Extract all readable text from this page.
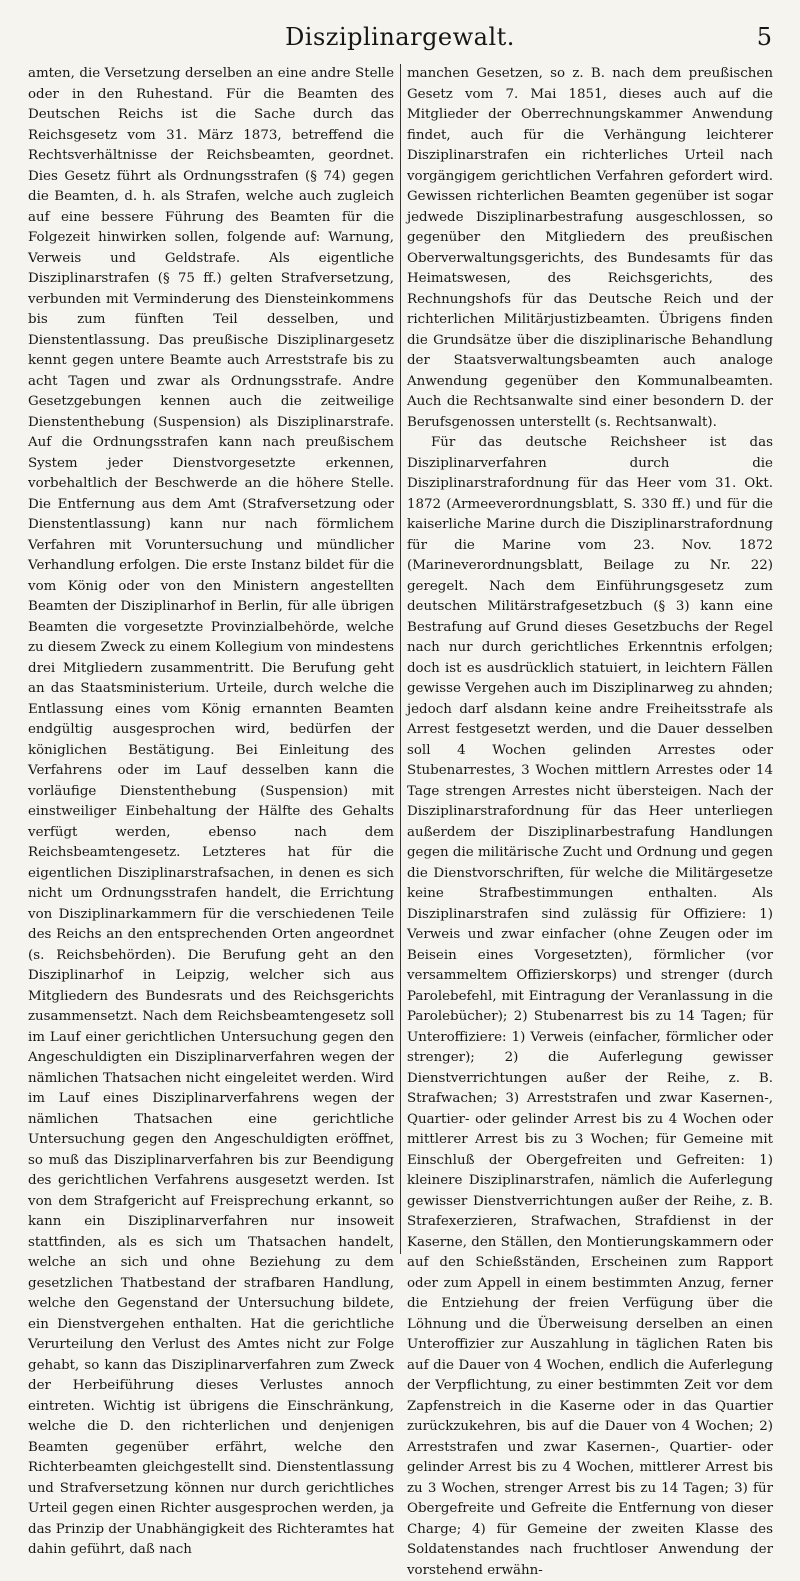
Disziplinargewalt.	5

amten, die Versetzung derselben an eine andre Stelle oder in den Ruhestand. Für die Beamten des Deutschen Reichs ist die Sache durch das Reichsgesetz vom 31. März 1873, betreffend die Rechtsverhältnisse der Reichsbeamten, geordnet. Dies Gesetz führt als Ordnungsstrafen (§ 74) gegen die Beamten, d. h. als Strafen, welche auch zugleich auf eine bessere Führung des Beamten für die Folgezeit hinwirken sollen, folgende auf: Warnung, Verweis und Geldstrafe. Als eigentliche Disziplinarstrafen (§ 75 ff.) gelten Strafversetzung, verbunden mit Verminderung des Diensteinkommens bis zum fünften Teil desselben, und Dienstentlassung. Das preußische Disziplinargesetz kennt gegen untere Beamte auch Arreststrafe bis zu acht Tagen und zwar als Ordnungsstrafe. Andre Gesetzgebungen kennen auch die zeitweilige Dienstenthebung (Suspension) als Disziplinarstrafe. Auf die Ordnungsstrafen kann nach preußischem System jeder Dienstvorgesetzte erkennen, vorbehaltlich der Beschwerde an die höhere Stelle. Die Entfernung aus dem Amt (Strafversetzung oder Dienstentlassung) kann nur nach förmlichem Verfahren mit Voruntersuchung und mündlicher Verhandlung erfolgen. Die erste Instanz bildet für die vom König oder von den Ministern angestellten Beamten der Disziplinarhof in Berlin, für alle übrigen Beamten die vorgesetzte Provinzialbehörde, welche zu diesem Zweck zu einem Kollegium von mindestens drei Mitgliedern zusammentritt. Die Berufung geht an das Staatsministerium. Urteile, durch welche die Entlassung eines vom König ernannten Beamten endgültig ausgesprochen wird, bedürfen der königlichen Bestätigung. Bei Einleitung des Verfahrens oder im Lauf desselben kann die vorläufige Dienstenthebung (Suspension) mit einstweiliger Einbehaltung der Hälfte des Gehalts verfügt werden, ebenso nach dem Reichsbeamtengesetz. Letzteres hat für die eigentlichen Disziplinarstrafsachen, in denen es sich nicht um Ordnungsstrafen handelt, die Errichtung von Disziplinarkammern für die verschiedenen Teile des Reichs an den entsprechenden Orten angeordnet (s. Reichsbehörden). Die Berufung geht an den Disziplinarhof in Leipzig, welcher sich aus Mitgliedern des Bundesrats und des Reichsgerichts zusammensetzt. Nach dem Reichsbeamtengesetz soll im Lauf einer gerichtlichen Untersuchung gegen den Angeschuldigten ein Disziplinarverfahren wegen der nämlichen Thatsachen nicht eingeleitet werden. Wird im Lauf eines Disziplinarverfahrens wegen der nämlichen Thatsachen eine gerichtliche Untersuchung gegen den Angeschuldigten eröffnet, so muß das Disziplinarverfahren bis zur Beendigung des gerichtlichen Verfahrens ausgesetzt werden. Ist von dem Strafgericht auf Freisprechung erkannt, so kann ein Disziplinarverfahren nur insoweit stattfinden, als es sich um Thatsachen handelt, welche an sich und ohne Beziehung zu dem gesetzlichen Thatbestand der strafbaren Handlung, welche den Gegenstand der Untersuchung bildete, ein Dienstvergehen enthalten. Hat die gerichtliche Verurteilung den Verlust des Amtes nicht zur Folge gehabt, so kann das Disziplinarverfahren zum Zweck der Herbeiführung dieses Verlustes annoch eintreten. Wichtig ist übrigens die Einschränkung, welche die D. den richterlichen und denjenigen Beamten gegenüber erfährt, welche den Richterbeamten gleichgestellt sind. Dienstentlassung und Strafversetzung können nur durch gerichtliches Urteil gegen einen Richter ausgesprochen werden, ja das Prinzip der Unabhängigkeit des Richteramtes hat dahin geführt, daß nach

manchen Gesetzen, so z. B. nach dem preußischen Gesetz vom 7. Mai 1851, dieses auch auf die Mitglieder der Oberrechnungskammer Anwendung findet, auch für die Verhängung leichterer Disziplinarstrafen ein richterliches Urteil nach vorgängigem gerichtlichen Verfahren gefordert wird. Gewissen richterlichen Beamten gegenüber ist sogar jedwede Disziplinarbestrafung ausgeschlossen, so gegenüber den Mitgliedern des preußischen Oberverwaltungsgerichts, des Bundesamts für das Heimatswesen, des Reichsgerichts, des Rechnungshofs für das Deutsche Reich und der richterlichen Militärjustizbeamten. Übrigens finden die Grundsätze über die disziplinarische Behandlung der Staatsverwaltungsbeamten auch analoge Anwendung gegenüber den Kommunalbeamten. Auch die Rechtsanwalte sind einer besondern D. der Berufsgenossen unterstellt (s. Rechtsanwalt).

Für das deutsche Reichsheer ist das Disziplinarverfahren durch die Disziplinarstrafordnung für das Heer vom 31. Okt. 1872 (Armeeverordnungsblatt, S. 330 ff.) und für die kaiserliche Marine durch die Disziplinarstrafordnung für die Marine vom 23. Nov. 1872 (Marineverordnungsblatt, Beilage zu Nr. 22) geregelt. Nach dem Einführungsgesetz zum deutschen Militärstrafgesetzbuch (§ 3) kann eine Bestrafung auf Grund dieses Gesetzbuchs der Regel nach nur durch gerichtliches Erkenntnis erfolgen; doch ist es ausdrücklich statuiert, in leichtern Fällen gewisse Vergehen auch im Disziplinarweg zu ahnden; jedoch darf alsdann keine andre Freiheitsstrafe als Arrest festgesetzt werden, und die Dauer desselben soll 4 Wochen gelinden Arrestes oder Stubenarrestes, 3 Wochen mittlern Arrestes oder 14 Tage strengen Arrestes nicht übersteigen. Nach der Disziplinarstrafordnung für das Heer unterliegen außerdem der Disziplinarbestrafung Handlungen gegen die militärische Zucht und Ordnung und gegen die Dienstvorschriften, für welche die Militärgesetze keine Strafbestimmungen enthalten. Als Disziplinarstrafen sind zulässig für Offiziere: 1) Verweis und zwar einfacher (ohne Zeugen oder im Beisein eines Vorgesetzten), förmlicher (vor versammeltem Offizierskorps) und strenger (durch Parolebefehl, mit Eintragung der Veranlassung in die Parolebücher); 2) Stubenarrest bis zu 14 Tagen; für Unteroffiziere: 1) Verweis (einfacher, förmlicher oder strenger); 2) die Auferlegung gewisser Dienstverrichtungen außer der Reihe, z. B. Strafwachen; 3) Arreststrafen und zwar Kasernen-, Quartier- oder gelinder Arrest bis zu 4 Wochen oder mittlerer Arrest bis zu 3 Wochen; für Gemeine mit Einschluß der Obergefreiten und Gefreiten: 1) kleinere Disziplinarstrafen, nämlich die Auferlegung gewisser Dienstverrichtungen außer der Reihe, z. B. Strafexerzieren, Strafwachen, Strafdienst in der Kaserne, den Ställen, den Montierungskammern oder auf den Schießständen, Erscheinen zum Rapport oder zum Appell in einem bestimmten Anzug, ferner die Entziehung der freien Verfügung über die Löhnung und die Überweisung derselben an einen Unteroffizier zur Auszahlung in täglichen Raten bis auf die Dauer von 4 Wochen, endlich die Auferlegung der Verpflichtung, zu einer bestimmten Zeit vor dem Zapfenstreich in die Kaserne oder in das Quartier zurückzukehren, bis auf die Dauer von 4 Wochen; 2) Arreststrafen und zwar Kasernen-, Quartier- oder gelinder Arrest bis zu 4 Wochen, mittlerer Arrest bis zu 3 Wochen, strenger Arrest bis zu 14 Tagen; 3) für Obergefreite und Gefreite die Entfernung von dieser Charge; 4) für Gemeine der zweiten Klasse des Soldatenstandes nach fruchtloser Anwendung der vorstehend erwähn-
